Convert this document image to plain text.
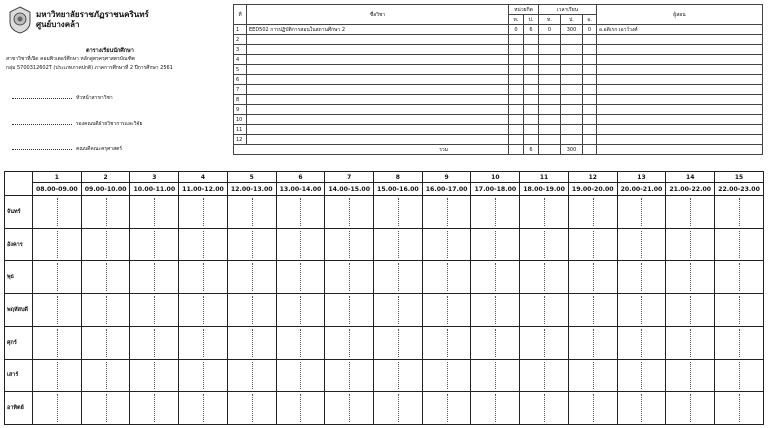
มหาวิทยาลัยราชภัฏราชนครินทร์
ศูนย์บางคล้า
ตารางเรียนนักศึกษา
สาขาวิชาที่เปิด คอมพิวเตอร์ศึกษา หลักสูตรครุศาสตรบัณฑิต
กลุ่ม 5700312602T (ประเภทภาคปกติ) ภาคการศึกษาที่ 2 ปีการศึกษา 2561
หัวหน้าสาขาวิชา
รองคณบดีฝ่ายวิชาการและวิจัย
คณบดีคณะครุศาสตร์
ที่	ชื่อวิชา	หน่วยกิต		เวลาเรียน			ผู้สอน
		ท.	ป.	ท.	ป.	อ.	
1	EED502 การปฏิบัติการสอนในสถานศึกษา 2	0	6	0	300	0	อ.อดิเรก เอาว์วงศ์
2							
3							
4							
5							
6							
7							
8							
9							
10							
11							
12							
รวม			6		300		
	1	2	3	4	5	6	7	8	9	10	11	12	13	14	15
	08.00-09.00	09.00-10.00	10.00-11.00	11.00-12.00	12.00-13.00	13.00-14.00	14.00-15.00	15.00-16.00	16.00-17.00	17.00-18.00	18.00-19.00	19.00-20.00	20.00-21.00	21.00-22.00	22.00-23.00
จันทร์															
อังคาร															
พุธ															
พฤหัสบดี															
ศุกร์															
เสาร์															
อาทิตย์															
